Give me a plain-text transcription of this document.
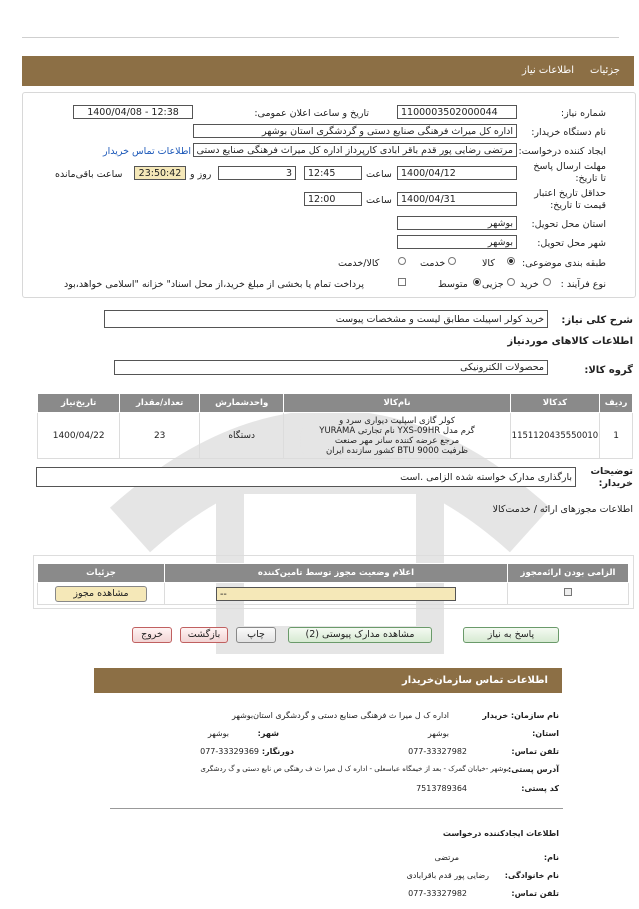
جزئیات
اطلاعات نیاز
شماره نیاز:
1100003502000044
تاریخ و ساعت اعلان عمومی:
1400/04/08 - 12:38
نام دستگاه خریدار:
اداره کل میراث فرهنگی صنایع دستی و گردشگری استان بوشهر
ایجاد کننده درخواست:
مرتضی رضایی پور قدم باقر ابادی کارپرداز اداره کل میراث فرهنگی صنایع دستی
اطلاعات تماس خریدار
مهلت ارسال پاسخ تا تاریخ:
1400/04/12
ساعت
12:45
3
روز و
23:50:42
ساعت باقی‌مانده
حداقل تاریخ اعتبار قیمت تا تاریخ:
1400/04/31
ساعت
12:00
استان محل تحویل:
بوشهر
شهر محل تحویل:
بوشهر
طبقه بندی موضوعی:
کالا
خدمت
کالا/خدمت
نوع فرآیند :
خرید
جزیی
متوسط
پرداخت تمام یا بخشی از مبلغ خرید،از محل اسناد" خزانه "اسلامی خواهد،بود
شرح کلی نیاز:
خرید کولر اسپیلت مطابق لیست و مشخصات پیوست
اطلاعات کالاهای موردنیاز
گروه کالا:
محصولات الکترونیکی
ردیف	کدکالا	نام‌کالا	واحدشمارش	تعداد/مقدار	تاریخ‌نیاز
1	1151120435550010	کولر گازی اسپلیت دیواری سرد و
گرم مدل YXS-09HR نام تجارتی YURAMA
مرجع عرضه کننده سانر مهر صنعت
ظرفیت 9000 BTU کشور سازنده ایران	دستگاه	23	1400/04/22
توضیحات خریدار:
بارگذاری مدارک خواسته شده الزامی .است
اطلاعات مجوزهای ارائه / خدمت‌کالا
الزامی بودن ارائه‌مجوز	اعلام وضعیت مجوز توسط تامین‌کننده	جزئیات

	--	مشاهده مجوز
پاسخ به نیاز
مشاهده مدارک پیوستی (2)
چاپ
بازگشت
خروج
اطلاعات تماس سازمان‌خریدار
نام سازمان: خریدار
اداره ک ل میرا ث فرهنگی صنایع دستی و گردشگری استان‌بوشهر
استان:
بوشهر
شهر:
بوشهر
تلفن تماس:
077-33327982
دورنگار:
077-33329369
آدرس پستی:
بوشهر -خیابان گمرک - بعد از خیمگاه عباسعلی - اداره ک ل میرا ث ف رهنگی ص نایع دستی و گ ردشگری
کد پستی:
7513789364
اطلاعات ایجادکننده درخواست
نام:
مرتضی
نام خانوادگی:
رضایی پور قدم باقرابادی
تلفن تماس:
077-33327982
